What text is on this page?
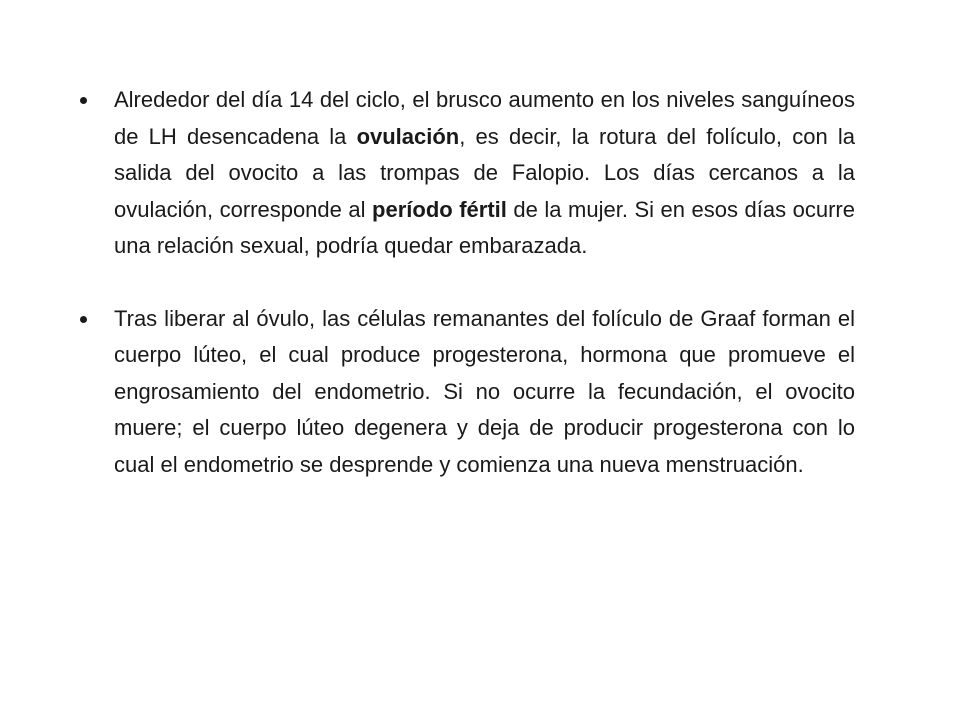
Alrededor del día 14 del ciclo, el brusco aumento en los niveles sanguíneos de LH desencadena la ovulación, es decir, la rotura del folículo, con la salida del ovocito a las trompas de Falopio. Los días cercanos a la ovulación, corresponde al período fértil de la mujer. Si en esos días ocurre una relación sexual, podría quedar embarazada.
Tras liberar al óvulo, las células remanantes del folículo de Graaf forman el cuerpo lúteo, el cual produce progesterona, hormona que promueve el engrosamiento del endometrio. Si no ocurre la fecundación, el ovocito muere; el cuerpo lúteo degenera y deja de producir progesterona con lo cual el endometrio se desprende y comienza una nueva menstruación.
